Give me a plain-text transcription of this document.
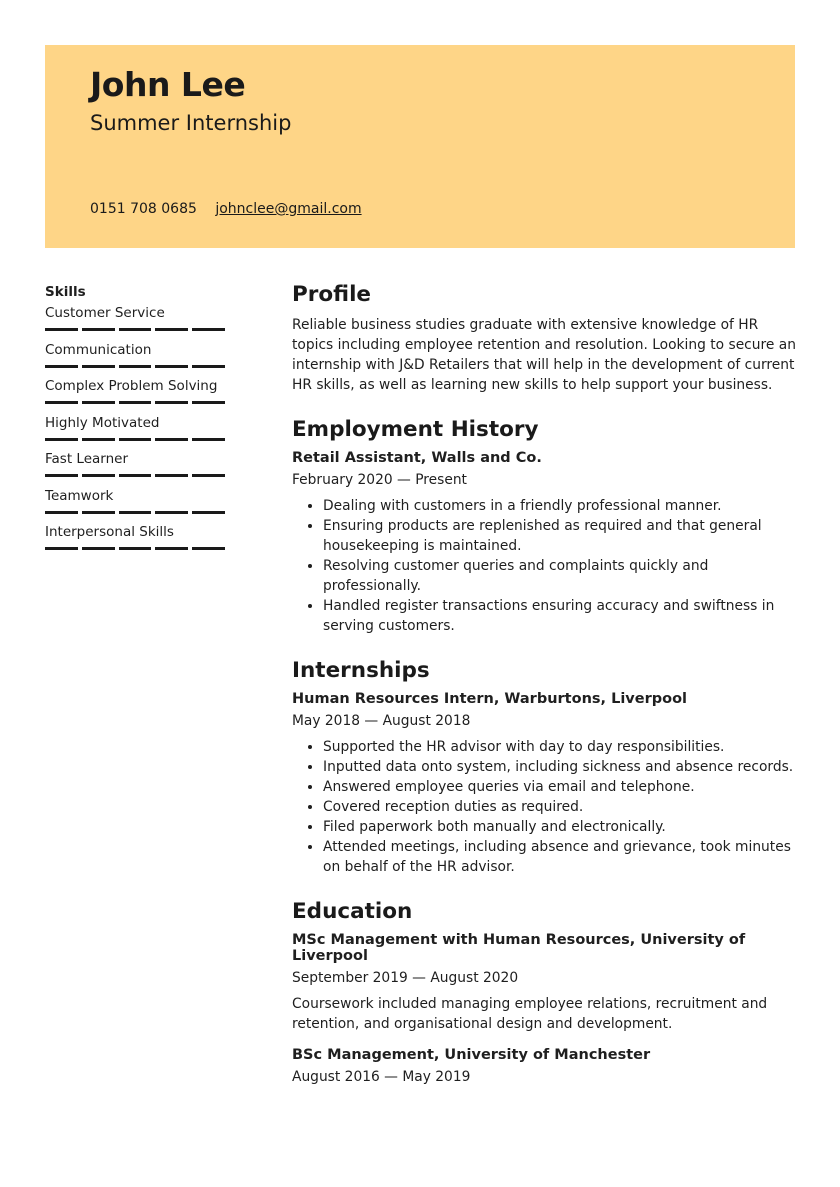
John Lee
Summer Internship
0151 708 0685 johnclee@gmail.com
Skills
Customer Service
Communication
Complex Problem Solving
Highly Motivated
Fast Learner
Teamwork
Interpersonal Skills
Profile

Reliable business studies graduate with extensive knowledge of HR topics including employee retention and resolution. Looking to secure an internship with J&D Retailers that will help in the development of current HR skills, as well as learning new skills to help support your business.

Employment History
Retail Assistant, Walls and Co.
February 2020 — Present
• Dealing with customers in a friendly professional manner.
• Ensuring products are replenished as required and that general housekeeping is maintained.
• Resolving customer queries and complaints quickly and professionally.
• Handled register transactions ensuring accuracy and swiftness in serving customers.
Internships
Human Resources Intern, Warburtons, Liverpool
May 2018 — August 2018
• Supported the HR advisor with day to day responsibilities.
• Inputted data onto system, including sickness and absence records.
• Answered employee queries via email and telephone.
• Covered reception duties as required.
• Filed paperwork both manually and electronically.
• Attended meetings, including absence and grievance, took minutes on behalf of the HR advisor.
Education
MSc Management with Human Resources, University of Liverpool
September 2019 — August 2020

Coursework included managing employee relations, recruitment and retention, and organisational design and development.

BSc Management, University of Manchester
August 2016 — May 2019
